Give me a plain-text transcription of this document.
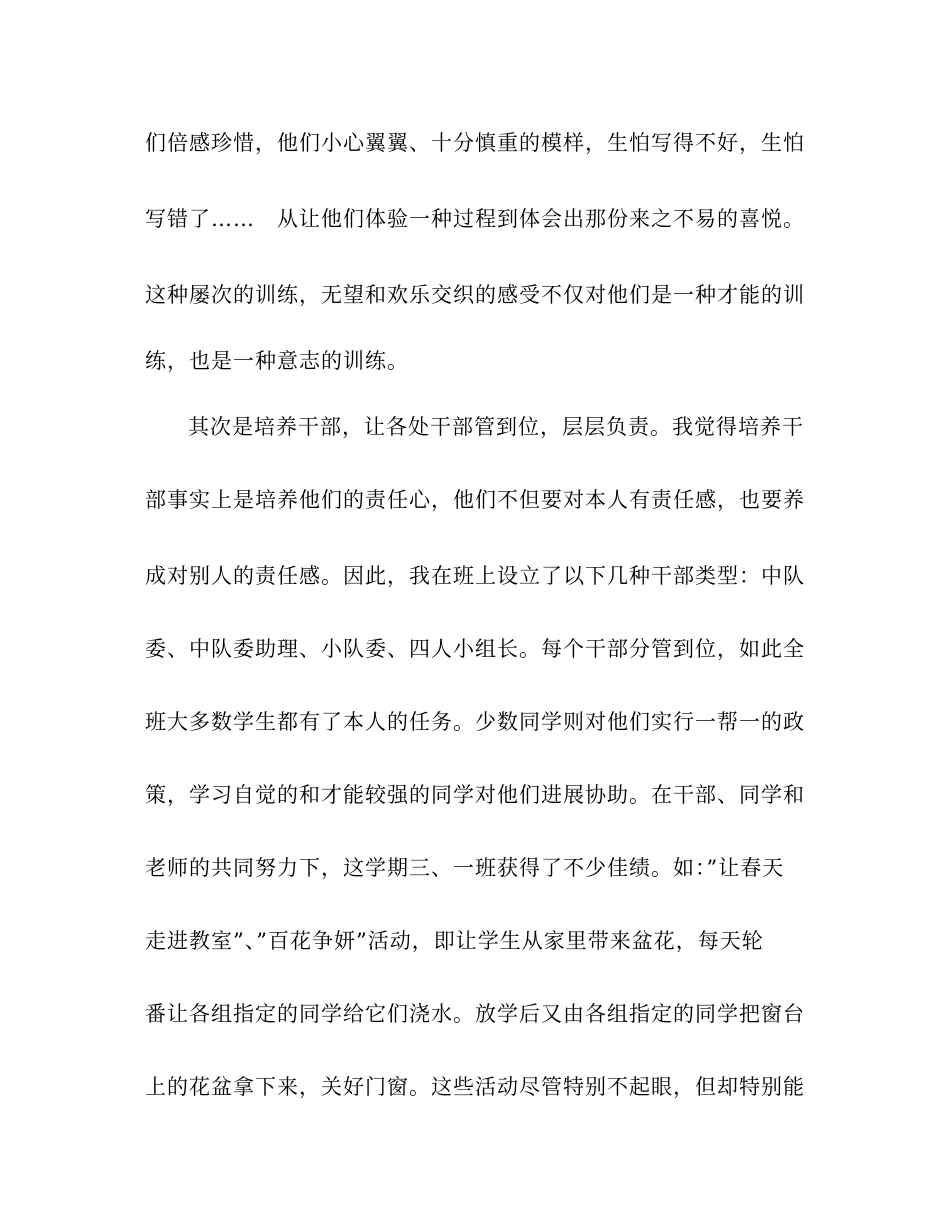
们倍感珍惜，他们小心翼翼、十分慎重的模样，生怕写得不好，生怕
写错了……　从让他们体验一种过程到体会出那份来之不易的喜悦。
这种屡次的训练，无望和欢乐交织的感受不仅对他们是一种才能的训
练，也是一种意志的训练。
其次是培养干部，让各处干部管到位，层层负责。我觉得培养干
部事实上是培养他们的责任心，他们不但要对本人有责任感，也要养
成对别人的责任感。因此，我在班上设立了以下几种干部类型：中队
委、中队委助理、小队委、四人小组长。每个干部分管到位，如此全
班大多数学生都有了本人的任务。少数同学则对他们实行一帮一的政
策，学习自觉的和才能较强的同学对他们进展协助。在干部、同学和
老师的共同努力下，这学期三、一班获得了不少佳绩。如：”让春天
走进教室”、”百花争妍”活动，即让学生从家里带来盆花，每天轮
番让各组指定的同学给它们浇水。放学后又由各组指定的同学把窗台
上的花盆拿下来，关好门窗。这些活动尽管特别不起眼，但却特别能
